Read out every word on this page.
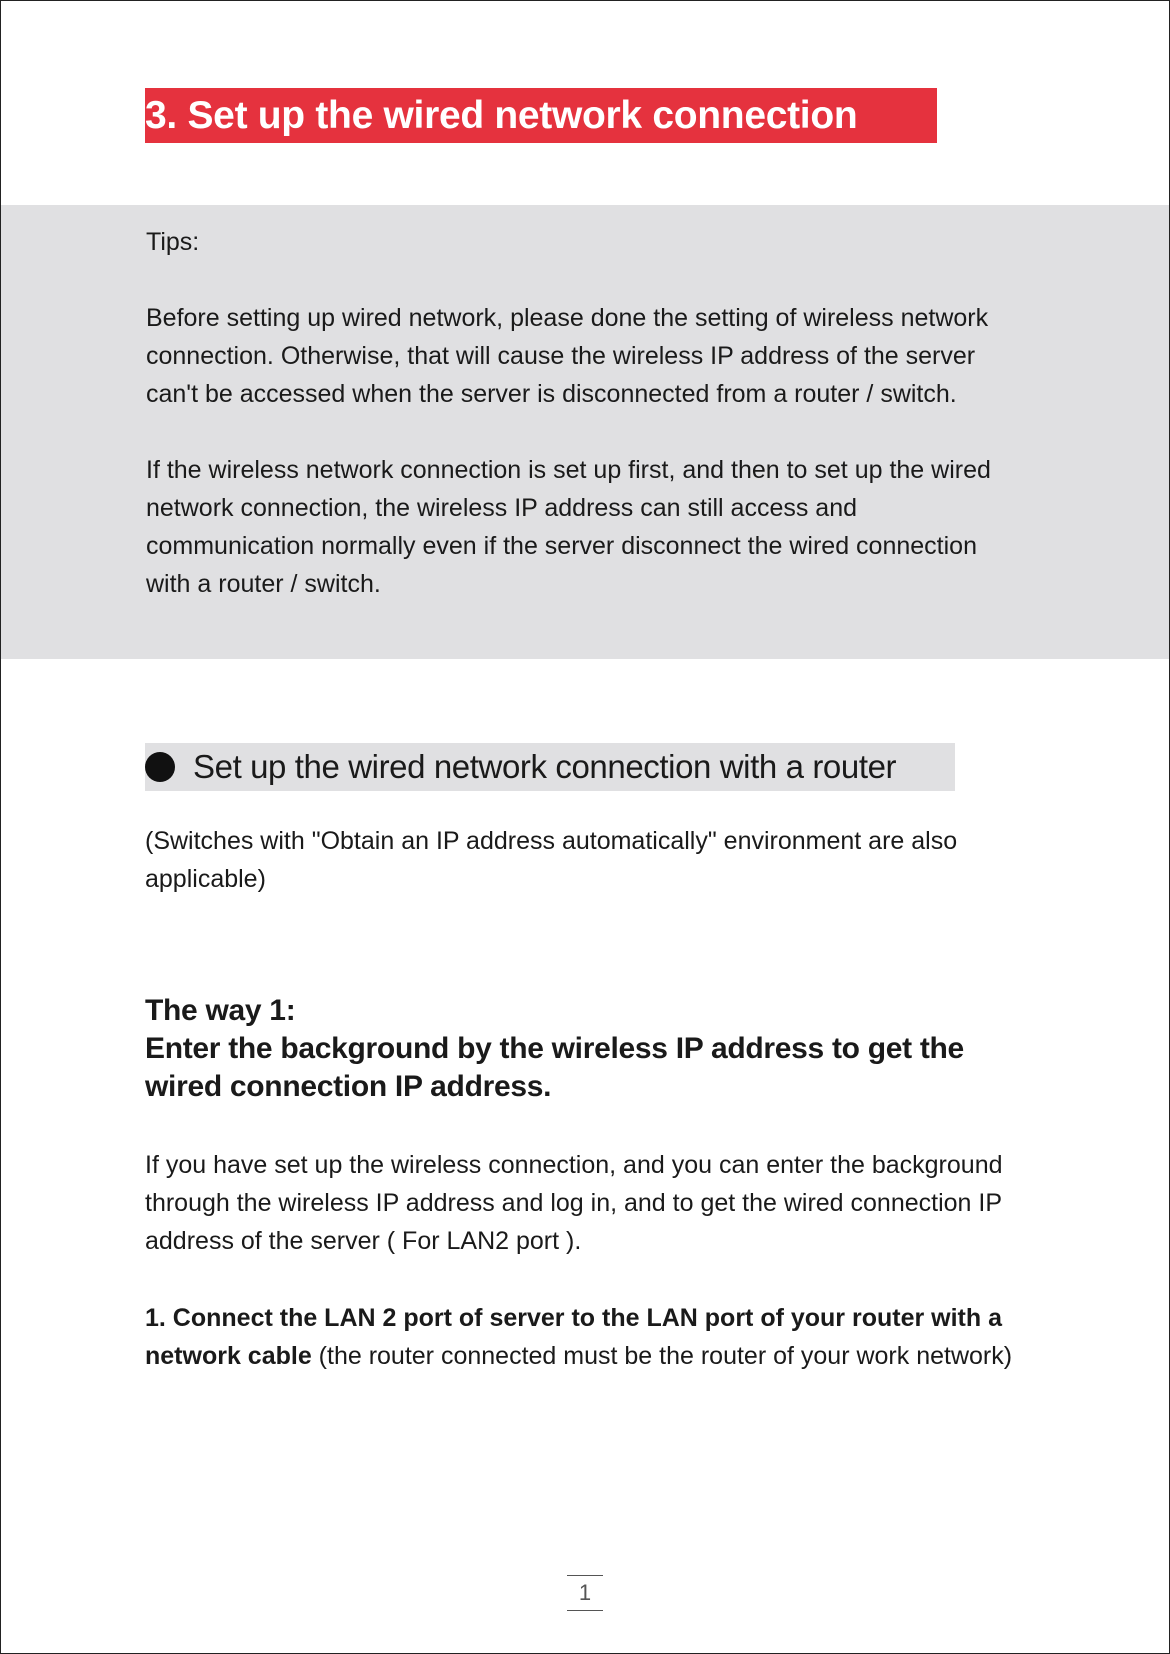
3. Set up the wired network connection

Tips:

Before setting up wired network, please done the setting of wireless network connection. Otherwise, that will cause the wireless IP address of the server can't be accessed when the server is disconnected from a router / switch.

If the wireless network connection is set up first, and then to set up the wired network connection, the wireless IP address can still access and communication normally even if the server disconnect the wired connection with a router / switch.

Set up the wired network connection with a router
(Switches with "Obtain an IP address automatically" environment are also applicable)
The way 1:
Enter the background by the wireless IP address to get the wired connection IP address.
If you have set up the wireless connection, and you can enter the background through the wireless IP address and log in, and to get the wired connection IP address of the server ( For LAN2 port ).
1. Connect the LAN 2 port of server to the LAN port of your router with a network cable (the router connected must be the router of your work network)
1
